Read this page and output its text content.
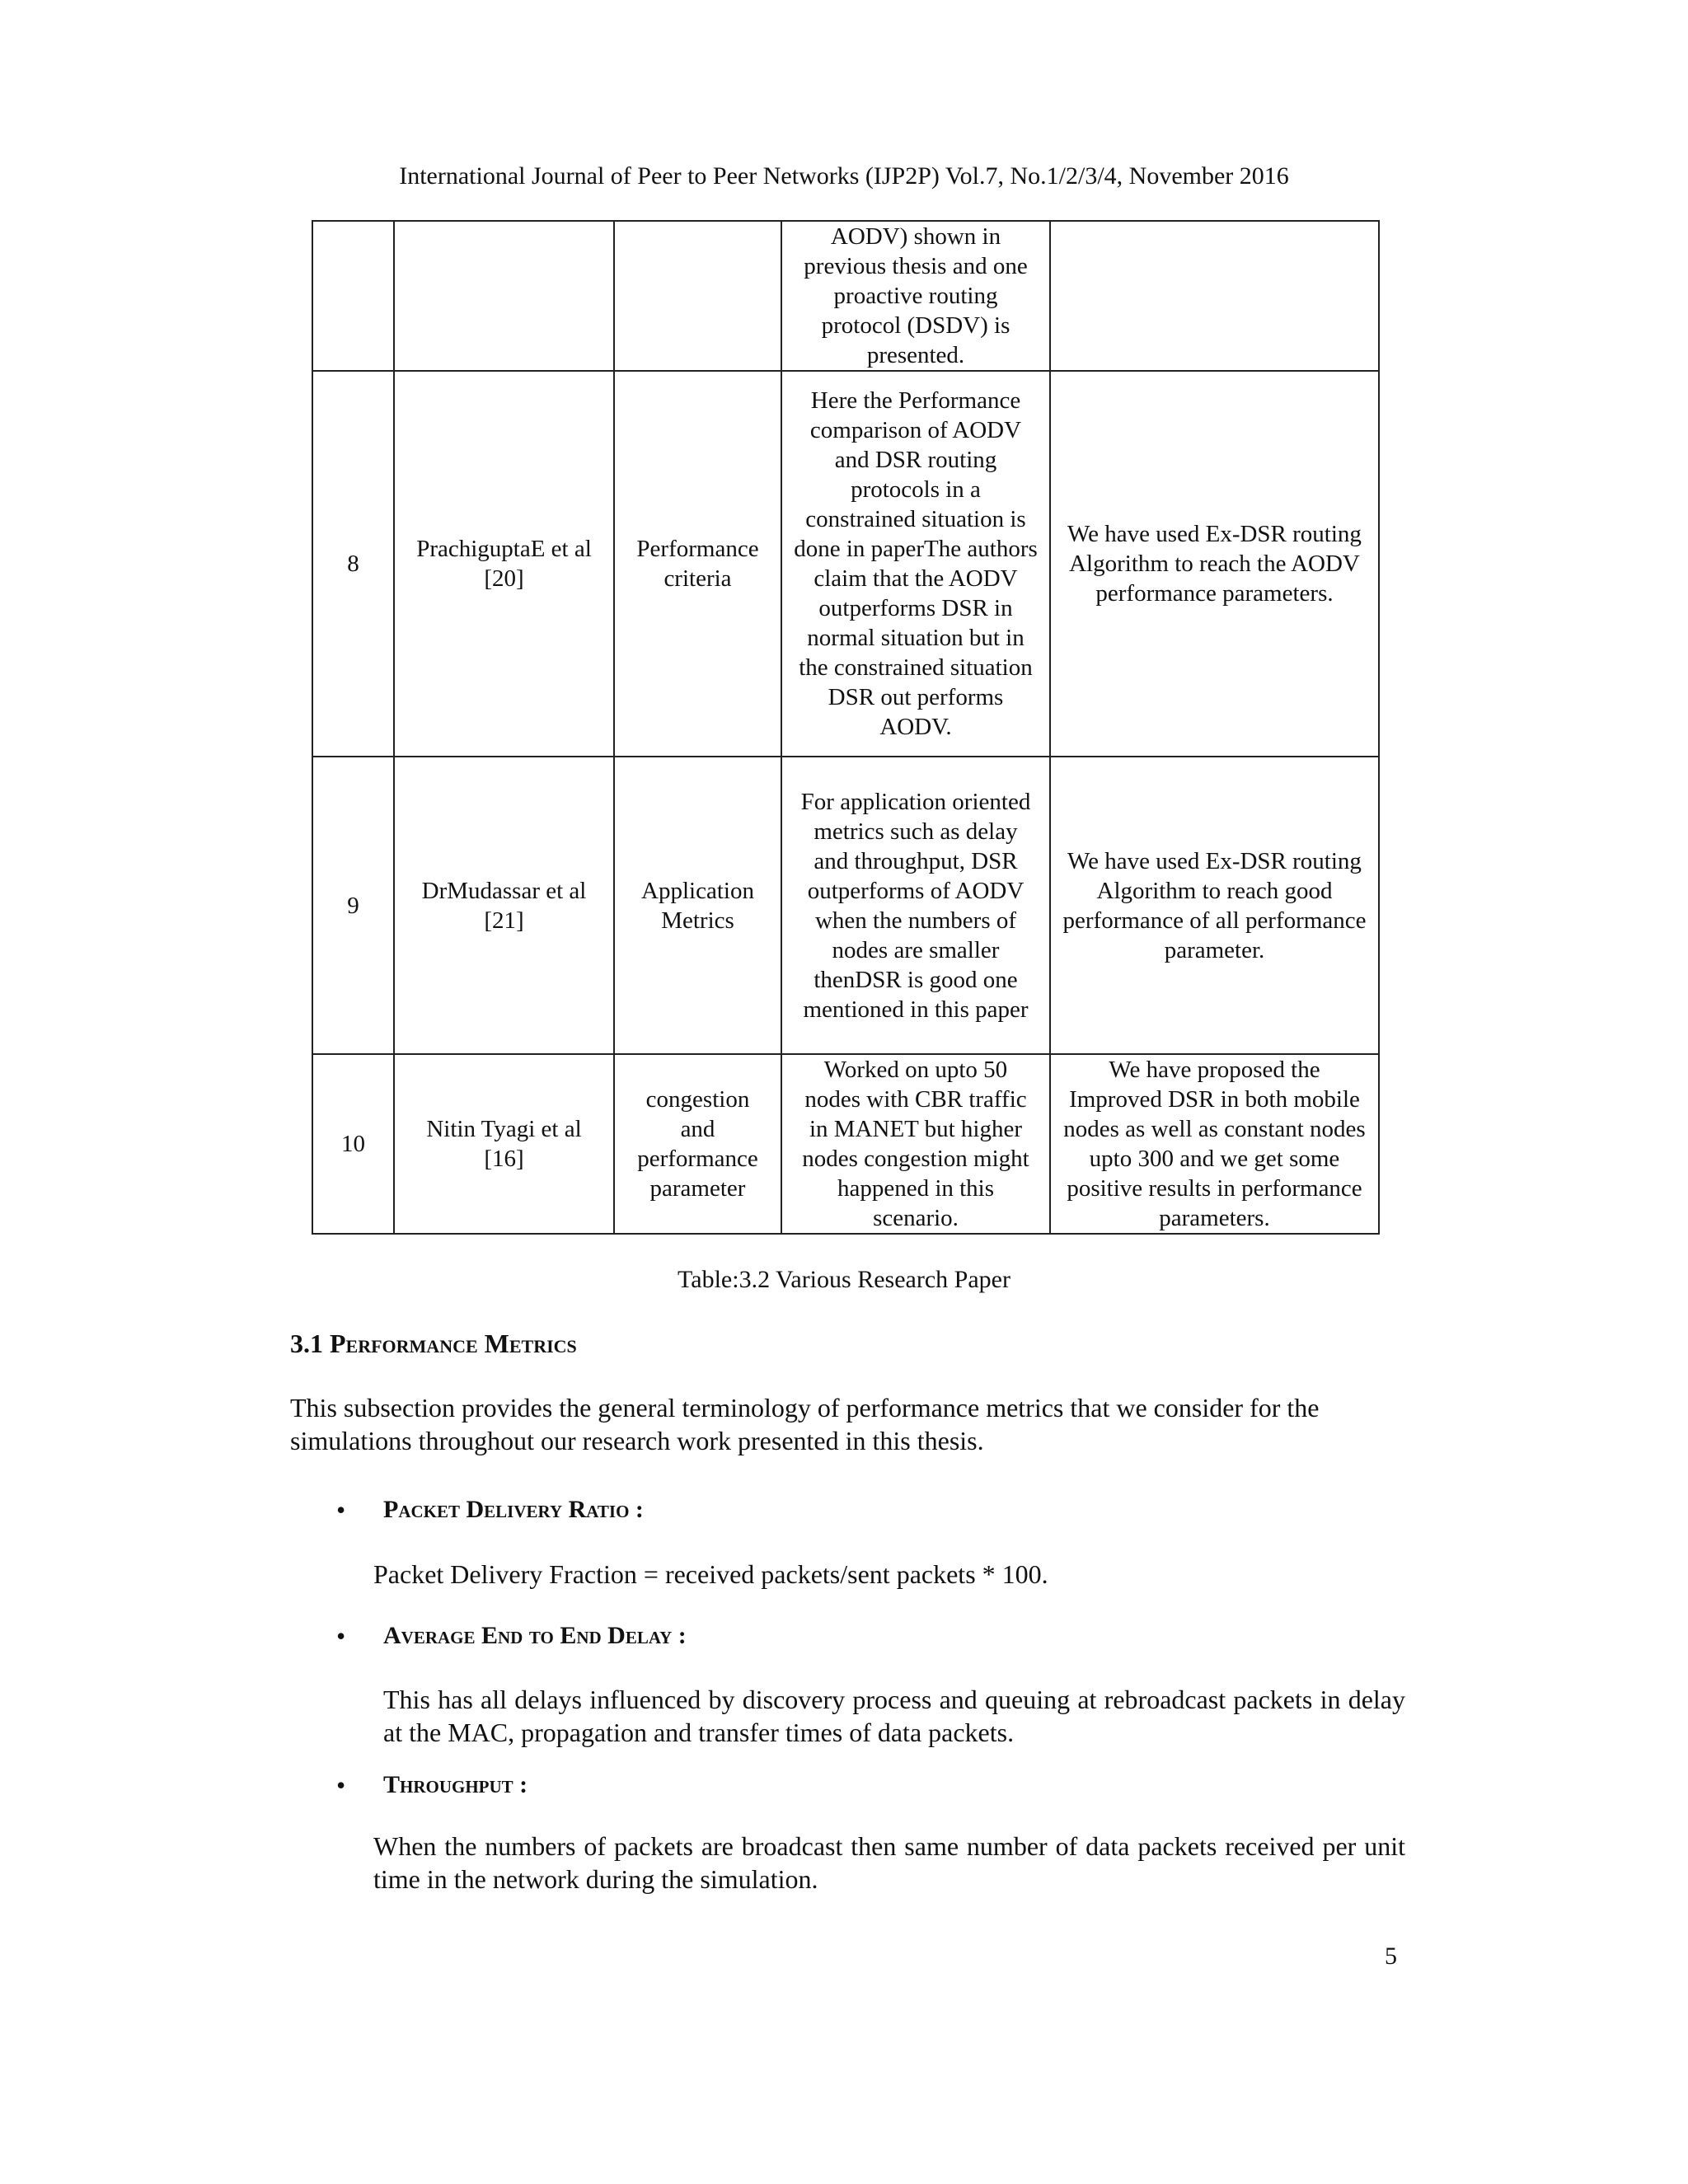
International Journal of Peer to Peer Networks (IJP2P) Vol.7, No.1/2/3/4, November 2016
			AODV) shown in previous thesis and one proactive routing protocol (DSDV) is presented.	
8	PrachiguptaE et al [20]	Performance criteria	Here the Performance comparison of AODV and DSR routing protocols in a constrained situation is done in paperThe authors claim that the AODV outperforms DSR in normal situation but in the constrained situation DSR out performs AODV.	We have used Ex-DSR routing Algorithm to reach the AODV performance parameters.
9	DrMudassar et al [21]	Application Metrics	For application oriented metrics such as delay and throughput, DSR outperforms of AODV when the numbers of nodes are smaller thenDSR is good one mentioned in this paper	We have used Ex-DSR routing Algorithm to reach good performance of all performance parameter.
10	Nitin Tyagi et al [16]	congestion and performance parameter	Worked on upto 50 nodes with CBR traffic in MANET but higher nodes congestion might happened in this scenario.	We have proposed the Improved DSR in both mobile nodes as well as constant nodes upto 300 and we get some positive results in performance parameters.
Table:3.2 Various Research Paper
3.1 Performance Metrics
This subsection provides the general terminology of performance metrics that we consider for the simulations throughout our research work presented in this thesis.
• Packet Delivery Ratio :
Packet Delivery Fraction = received packets/sent packets * 100.
• Average End to End Delay :
This has all delays influenced by discovery process and queuing at rebroadcast packets in delay at the MAC, propagation and transfer times of data packets.
• Throughput :
When the numbers of packets are broadcast then same number of data packets received per unit time in the network during the simulation.
5
